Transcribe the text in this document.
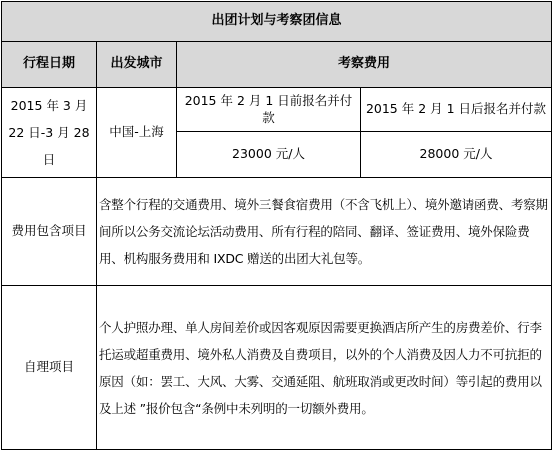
出团计划与考察团信息			
行程日期	出发城市	考察费用	
2015 年 3 月 22 日-3 月 28 日	中国-上海	2015 年 2 月 1 日前报名并付款	2015 年 2 月 1 日后报名并付款
		23000 元/人	28000 元/人
费用包含项目	含整个行程的交通费用、境外三餐食宿费用（不含飞机上）、境外邀请函费、考察期间所以公务交流论坛活动费用、所有行程的陪同、翻译、签证费用、境外保险费用、机构服务费用和 IXDC 赠送的出团大礼包等。		
自理项目	个人护照办理、单人房间差价或因客观原因需要更换酒店所产生的房费差价、行李托运或超重费用、境外私人消费及自费项目，以外的个人消费及因人力不可抗拒的原因（如：罢工、大风、大雾、交通延阻、航班取消或更改时间）等引起的费用以及上述 ”报价包含“条例中未列明的一切额外费用。		
